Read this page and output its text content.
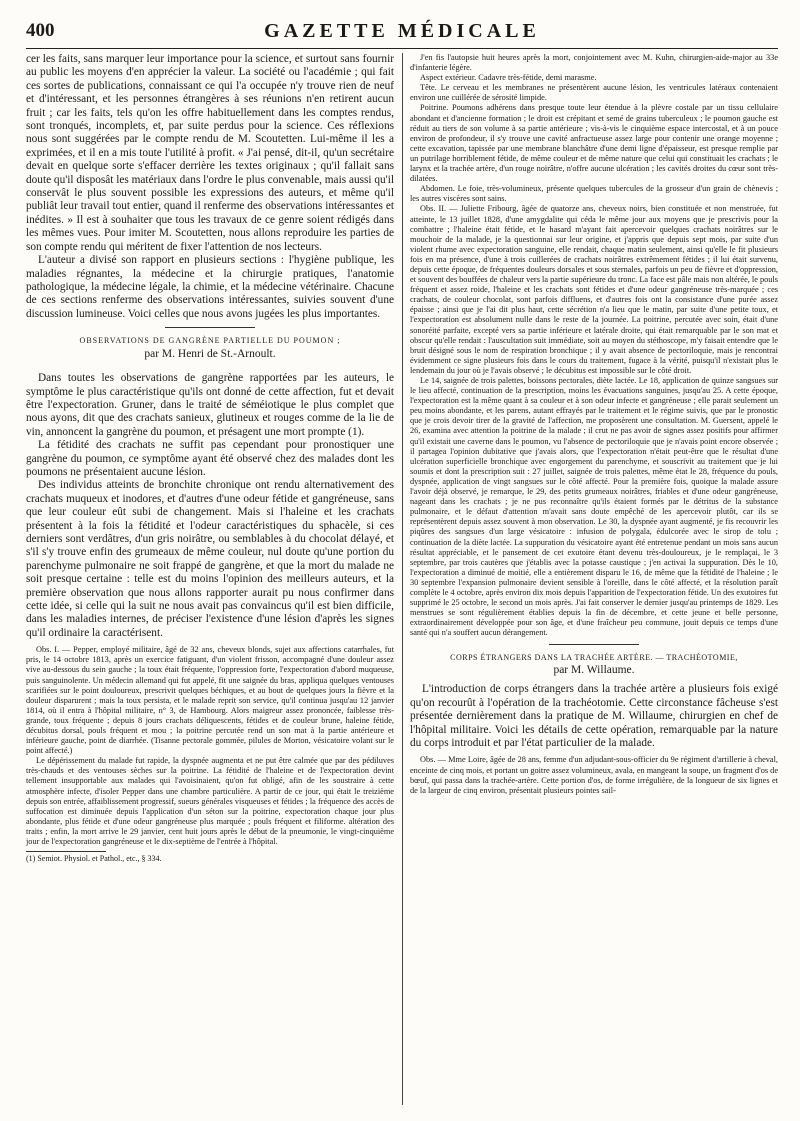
400	GAZETTE MÉDICALE

cer les faits, sans marquer leur importance pour la science, et surtout sans fournir au public les moyens d'en apprécier la valeur. La société ou l'académie ; qui fait ces sortes de publications, connaissant ce qui l'a occupée n'y trouve rien de neuf et d'intéressant, et les personnes étrangères à ses réunions n'en retirent aucun fruit ; car les faits, tels qu'on les offre habituellement dans les comptes rendus, sont tronqués, incomplets, et, par suite perdus pour la science. Ces réflexions nous sont suggérées par le compte rendu de M. Scoutetten. Lui-même il les a exprimées, et il en a mis toute l'utilité à profit. « J'ai pensé, dit-il, qu'un secrétaire devait en quelque sorte s'effacer derrière les textes originaux ; qu'il fallait sans doute qu'il disposât les matériaux dans l'ordre le plus convenable, mais aussi qu'il conservât le plus souvent possible les expressions des auteurs, et même qu'il publiât leur travail tout entier, quand il renferme des observations intéressantes et inédites. » Il est à souhaiter que tous les travaux de ce genre soient rédigés dans les mêmes vues. Pour imiter M. Scoutetten, nous allons reproduire les parties de son compte rendu qui méritent de fixer l'attention de nos lecteurs.

L'auteur a divisé son rapport en plusieurs sections : l'hygiène publique, les maladies régnantes, la médecine et la chirurgie pratiques, l'anatomie pathologique, la médecine légale, la chimie, et la médecine vétérinaire. Chacune de ces sections renferme des observations intéressantes, suivies souvent d'une discussion lumineuse. Voici celles que nous avons jugées les plus importantes.

OBSERVATIONS DE GANGRÈNE PARTIELLE DU POUMON ;
par M. Henri de St.-Arnoult.

Dans toutes les observations de gangrène rapportées par les auteurs, le symptôme le plus caractéristique qu'ils ont donné de cette affection, fut et devait être l'expectoration. Gruner, dans le traité de séméiotique le plus complet que nous ayons, dit que des crachats sanieux, glutineux et rouges comme de la lie de vin, annoncent la gangrène du poumon, et présagent une mort prompte (1).

La fétidité des crachats ne suffit pas cependant pour pronostiquer une gangrène du poumon, ce symptôme ayant été observé chez des malades dont les poumons ne présentaient aucune lésion.

Des individus atteints de bronchite chronique ont rendu alternativement des crachats muqueux et inodores, et d'autres d'une odeur fétide et gangréneuse, sans que leur couleur eût subi de changement. Mais si l'haleine et les crachats présentent à la fois la fétidité et l'odeur caractéristiques du sphacèle, si ces derniers sont verdâtres, d'un gris noirâtre, ou semblables à du chocolat délayé, et s'il s'y trouve enfin des grumeaux de même couleur, nul doute qu'une portion du parenchyme pulmonaire ne soit frappé de gangrène, et que la mort du malade ne soit presque certaine : telle est du moins l'opinion des meilleurs auteurs, et la première observation que nous allons rapporter aurait pu nous confirmer dans cette idée, si celle qui la suit ne nous avait pas convaincus qu'il est bien difficile, dans les maladies internes, de préciser l'existence d'une lésion d'après les signes qu'il ordinaire la caractérisent.

Obs. I. — Pepper, employé militaire, âgé de 32 ans, cheveux blonds, sujet aux affections catarrhales, fut pris, le 14 octobre 1813, après un exercice fatiguant, d'un violent frisson, accompagné d'une douleur assez vive au-dessous du sein gauche ; la toux était fréquente, l'oppression forte, l'expectoration d'abord muqueuse, puis sanguinolente. Un médecin allemand qui fut appelé, fit une saignée du bras, appliqua quelques ventouses scarifiées sur le point douloureux, prescrivit quelques béchiques, et au bout de quelques jours la fièvre et la douleur disparurent ; mais la toux persista, et le malade reprit son service, qu'il continua jusqu'au 12 janvier 1814, où il entra à l'hôpital militaire, n° 3, de Hambourg. Alors maigreur assez prononcée, faiblesse très-grande, toux fréquente ; depuis 8 jours crachats déliquescents, fétides et de couleur brune, haleine fétide, décubitus dorsal, pouls fréquent et mou ; la poitrine percutée rend un son mat à la partie antérieure et inférieure gauche, point de diarrhée. (Tisanne pectorale gommée, pilules de Morton, vésicatoire volant sur le point affecté.)

Le dépérissement du malade fut rapide, la dyspnée augmenta et ne put être calmée que par des pédiluves très-chauds et des ventouses sèches sur la poitrine. La fétidité de l'haleine et de l'expectoration devint tellement insupportable aux malades qui l'avoisinaient, qu'on fut obligé, afin de les soustraire à cette atmosphère infecte, d'isoler Pepper dans une chambre particulière. A partir de ce jour, qui était le treizième depuis son entrée, affaiblissement progressif, sueurs générales visqueuses et fétides ; la fréquence des accès de suffocation est diminuée depuis l'application d'un séton sur la poitrine, expectoration chaque jour plus abondante, plus fétide et d'une odeur gangréneuse plus marquée ; pouls fréquent et filiforme. altération des traits ; enfin, la mort arrive le 29 janvier, cent huit jours après le début de la pneumonie, le vingt-cinquième jour de l'expectoration gangréneuse et le dix-septième de l'entrée à l'hôpital.

(1) Semiot. Physiol. et Pathol., etc., § 334.

J'en fis l'autopsie huit heures après la mort, conjointement avec M. Kuhn, chirurgien-aide-major au 33e d'infanterie légère.

Aspect extérieur. Cadavre très-fétide, demi marasme.

Tête. Le cerveau et les membranes ne présentèrent aucune lésion, les ventricules latéraux contenaient environ une cuillérée de sérosité limpide.

Poitrine. Poumons adhérens dans presque toute leur étendue à la plèvre costale par un tissu cellulaire abondant et d'ancienne formation ; le droit est crépitant et semé de grains tuberculeux ; le poumon gauche est réduit au tiers de son volume à sa partie antérieure ; vis-à-vis le cinquième espace intercostal, et à un pouce environ de profondeur, il s'y trouve une cavité anfractueuse assez large pour contenir une orange moyenne ; cette excavation, tapissée par une membrane blanchâtre d'une demi ligne d'épaisseur, est presque remplie par un putrilage horriblement fétide, de même couleur et de même nature que celui qui constituait les crachats ; le larynx et la trachée artère, d'un rouge noirâtre, n'offre aucune ulcération ; les cavités droites du cœur sont très-dilatées.

Abdomen. Le foie, très-volumineux, présente quelques tubercules de la grosseur d'un grain de chènevis ; les autres viscères sont sains.

Obs. II. — Juliette Fribourg, âgée de quatorze ans, cheveux noirs, bien constituée et non menstruée, fut atteinte, le 13 juillet 1828, d'une amygdalite qui céda le même jour aux moyens que je prescrivis pour la combattre ; l'haleine était fétide, et le hasard m'ayant fait apercevoir quelques crachats noirâtres sur le mouchoir de la malade, je la questionnai sur leur origine, et j'appris que depuis sept mois, par suite d'un violent rhume avec expectoration sanguine, elle rendait, chaque matin seulement, ainsi qu'elle le fit plusieurs fois en ma présence, d'une à trois cuillerées de crachats noirâtres extrêmement fétides ; il lui était survenu, depuis cette époque, de fréquentes douleurs dorsales et sous sternales, parfois un peu de fièvre et d'oppression, et souvent des bouffées de chaleur vers la partie supérieure du tronc. La face est pâle mais non altérée, le pouls fréquent et assez roide, l'haleine et les crachats sont fétides et d'une odeur gangréneuse très-marquée ; ces crachats, de couleur chocolat, sont parfois diffluens, et d'autres fois ont la consistance d'une purée assez épaisse ; ainsi que je l'ai dit plus haut, cette sécrétion n'a lieu que le matin, par suite d'une petite toux, et l'expectoration est absolument nulle dans le reste de la journée. La poitrine, percutée avec soin, était d'une sonoréité parfaite, excepté vers sa partie inférieure et latérale droite, qui était remarquable par le son mat et obscur qu'elle rendait : l'auscultation suit immédiate, soit au moyen du stéthoscope, m'y faisait entendre que le bruit désigné sous le nom de respiration bronchique ; il y avait absence de pectoriloquie, mais je rencontrai évidemment ce signe plusieurs fois dans le cours du traitement, fugace à la vérité, puisqu'il n'existait plus le lendemain du jour où je l'avais observé ; le décubitus est impossible sur le côté droit.

Le 14, saignée de trois palettes, boissons pectorales, diète lactée. Le 18, application de quinze sangsues sur le lieu affecté, continuation de la prescription, moins les évacuations sanguines, jusqu'au 25. A cette époque, l'expectoration est la même quant à sa couleur et à son odeur infecte et gangréneuse ; elle parait seulement un peu moins abondante, et les parens, autant effrayés par le traitement et le régime suivis, que par le pronostic que je crois devoir tirer de la gravité de l'affection, me proposèrent une consultation. M. Guersent, appelé le 26, examina avec attention la poitrine de la malade ; il crut ne pas avoir de signes assez positifs pour affirmer qu'il existait une caverne dans le poumon, vu l'absence de pectoriloquie que je n'avais point encore observée ; il partagea l'opinion dubitative que j'avais alors, que l'expectoration n'était peut-être que le résultat d'une ulcération superficielle bronchique avec engorgement du parenchyme, et souscrivit au traitement que je lui soumis et dont la prescription suit : 27 juillet, saignée de trois palettes, même état le 28, fréquence du pouls, dyspnée, application de vingt sangsues sur le côté affecté. Pour la première fois, quoique la malade assure l'avoir déjà observé, je remarque, le 29, des petits grumeaux noirâtres, friables et d'une odeur gangréneuse, nageant dans les crachats ; je ne pus reconnaître qu'ils étaient formés par le détritus de la substance pulmonaire, et le défaut d'attention m'avait sans doute empêché de les apercevoir plutôt, car ils se représentèrent depuis assez souvent à mon observation. Le 30, la dyspnée ayant augmenté, je fis recouvrir les piqûres des sangsues d'un large vésicatoire : infusion de polygala, édulcorée avec le sirop de tolu ; continuation de la diète lactée. La suppuration du vésicatoire ayant été entretenue pendant un mois sans aucun résultat appréciable, et le pansement de cet exutoire étant devenu très-douloureux, je le remplaçai, le 3 septembre, par trois cautères que j'établis avec la potasse caustique ; j'en activai la suppuration. Dès le 10, l'expectoration a diminué de moitié, elle a entièrement disparu le 16, de même que la fétidité de l'haleine ; le 30 septembre l'expansion pulmonaire devient sensible à l'oreille, dans le côté affecté, et la résolution paraît complète le 4 octobre, après environ dix mois depuis l'apparition de l'expectoration fétide. Un des exutoires fut supprimé le 25 octobre, le second un mois après. J'ai fait conserver le dernier jusqu'au printemps de 1829. Les menstrues se sont régulièrement établies depuis la fin de décembre, et cette jeune et belle personne, extraordinairement développée pour son âge, et d'une fraîcheur peu commune, jouit depuis ce temps d'une santé qui n'a souffert aucun dérangement.

CORPS ÉTRANGERS DANS LA TRACHÉE ARTÈRE. — TRACHÉOTOMIE,
par M. Willaume.

L'introduction de corps étrangers dans la trachée artère a plusieurs fois exigé qu'on recourût à l'opération de la trachéotomie. Cette circonstance fâcheuse s'est présentée dernièrement dans la pratique de M. Willaume, chirurgien en chef de l'hôpital militaire. Voici les détails de cette opération, remarquable par la nature du corps introduit et par l'état particulier de la malade.

Obs. — Mme Loire, âgée de 28 ans, femme d'un adjudant-sous-officier du 9e régiment d'artillerie à cheval, enceinte de cinq mois, et portant un goitre assez volumineux, avala, en mangeant la soupe, un fragment d'os de bœuf, qui passa dans la trachée-artère. Cette portion d'os, de forme irrégulière, de la longueur de six lignes et de la largeur de cinq environ, présentait plusieurs pointes sail-
